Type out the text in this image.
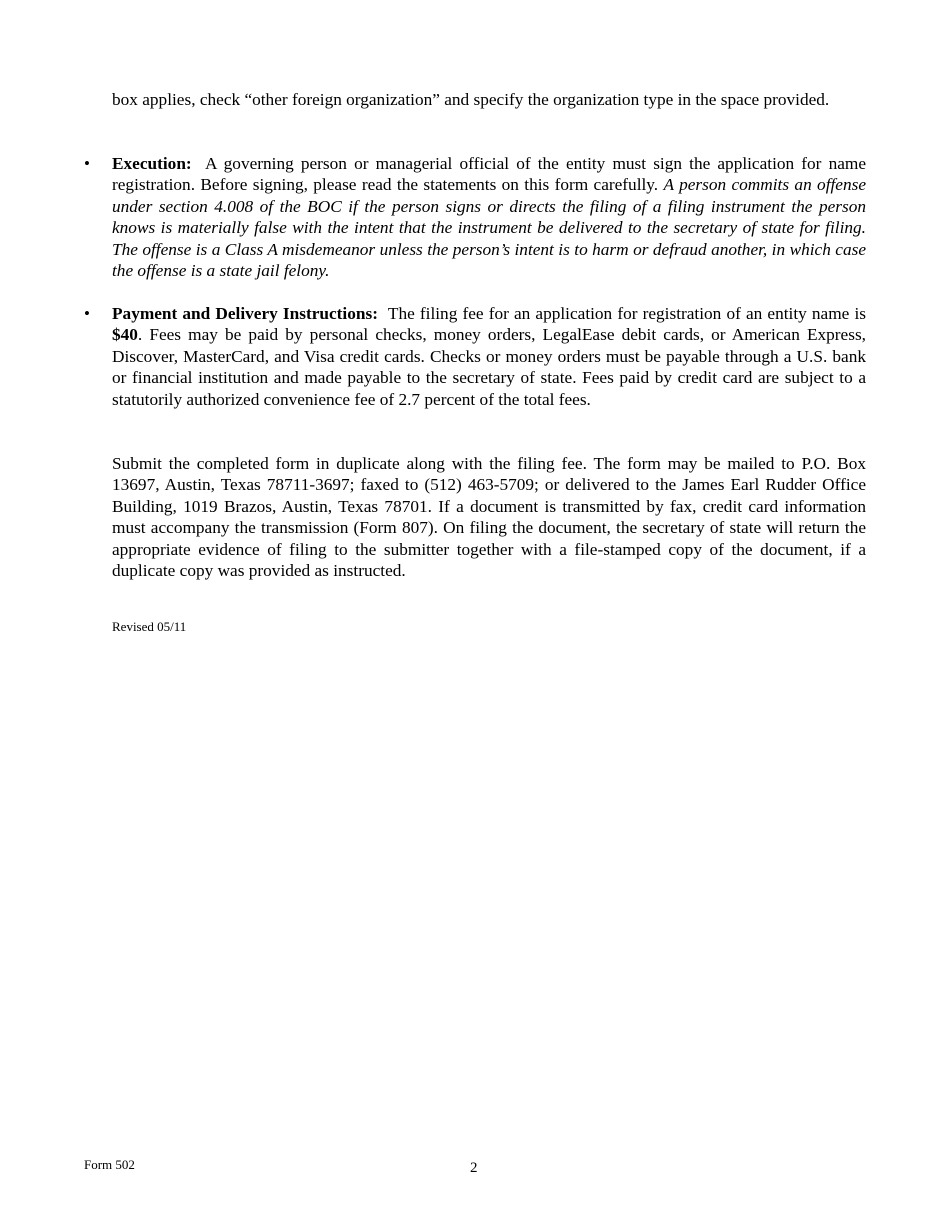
box applies, check “other foreign organization” and specify the organization type in the space provided.

• Execution: A governing person or managerial official of the entity must sign the application for name registration. Before signing, please read the statements on this form carefully. A person commits an offense under section 4.008 of the BOC if the person signs or directs the filing of a filing instrument the person knows is materially false with the intent that the instrument be delivered to the secretary of state for filing. The offense is a Class A misdemeanor unless the person’s intent is to harm or defraud another, in which case the offense is a state jail felony.

• Payment and Delivery Instructions: The filing fee for an application for registration of an entity name is $40. Fees may be paid by personal checks, money orders, LegalEase debit cards, or American Express, Discover, MasterCard, and Visa credit cards. Checks or money orders must be payable through a U.S. bank or financial institution and made payable to the secretary of state. Fees paid by credit card are subject to a statutorily authorized convenience fee of 2.7 percent of the total fees.

Submit the completed form in duplicate along with the filing fee. The form may be mailed to P.O. Box 13697, Austin, Texas 78711-3697; faxed to (512) 463-5709; or delivered to the James Earl Rudder Office Building, 1019 Brazos, Austin, Texas 78701. If a document is transmitted by fax, credit card information must accompany the transmission (Form 807). On filing the document, the secretary of state will return the appropriate evidence of filing to the submitter together with a file-stamped copy of the document, if a duplicate copy was provided as instructed.

Revised 05/11
Form 502	2
